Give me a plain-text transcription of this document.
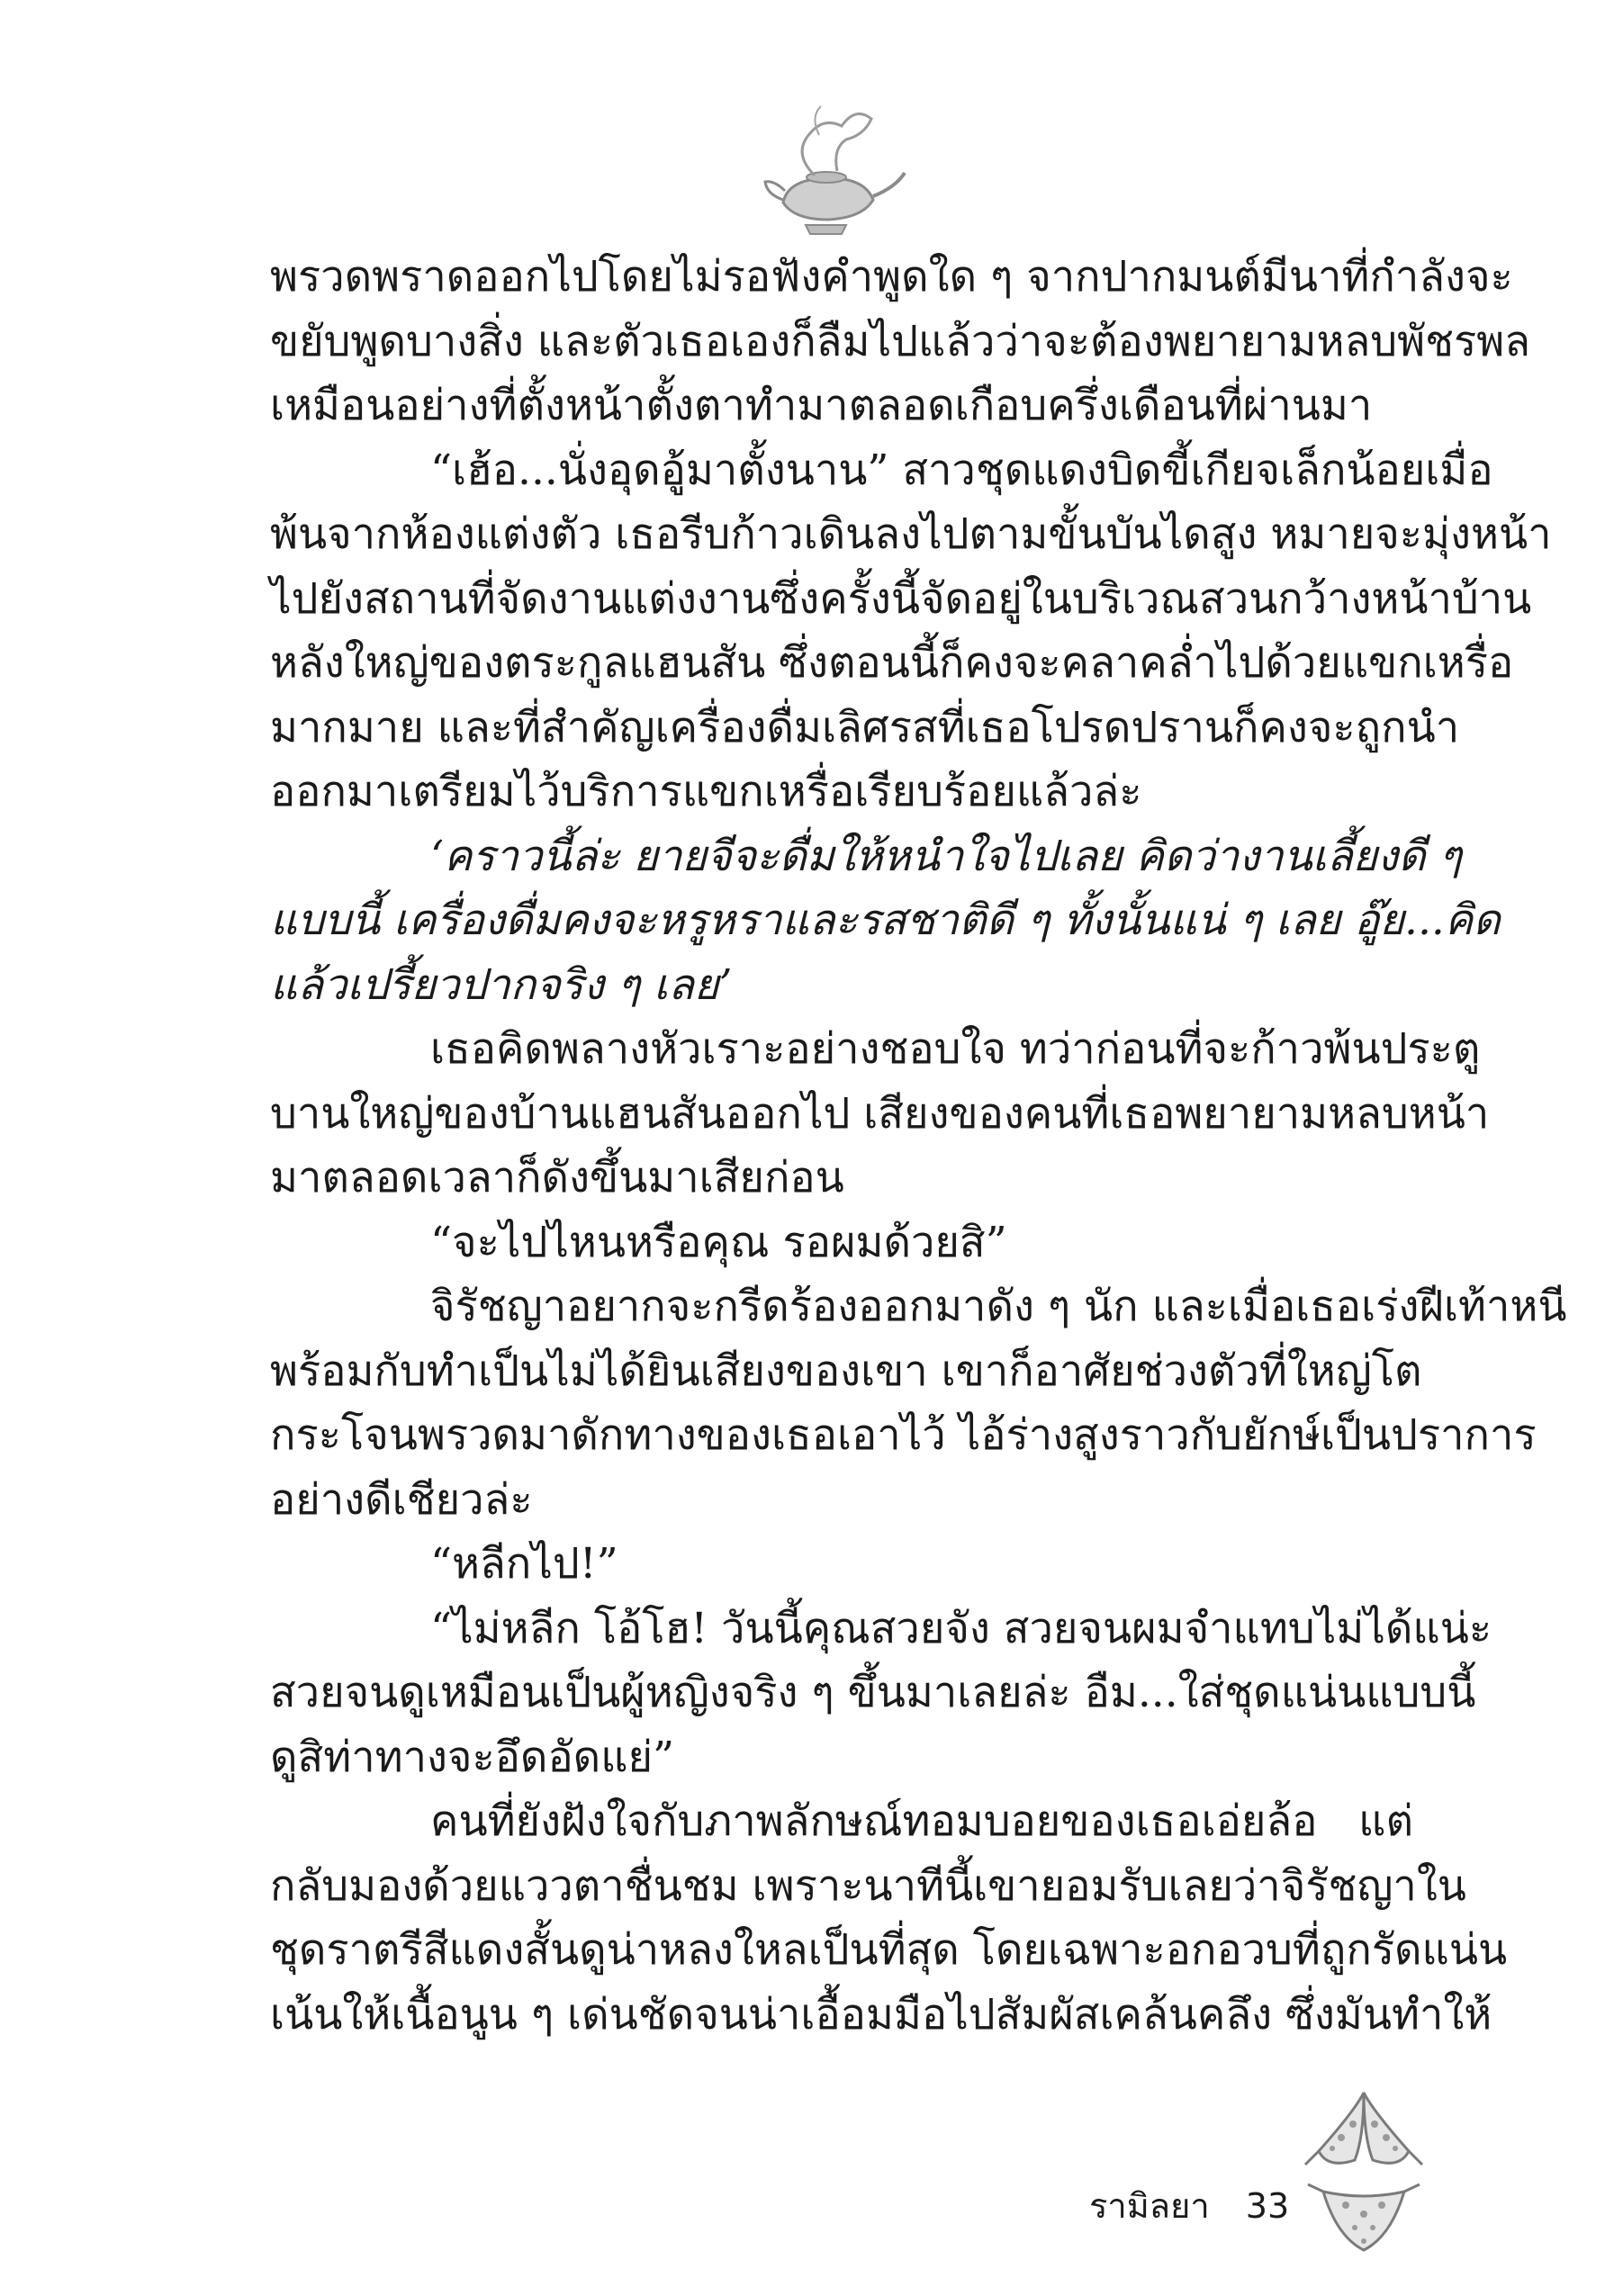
พรวดพราดออกไปโดยไม่รอฟังคำพูดใด ๆ จากปากมนต์มีนาที่กำลังจะ
ขยับพูดบางสิ่ง และตัวเธอเองก็ลืมไปแล้วว่าจะต้องพยายามหลบพัชรพล
เหมือนอย่างที่ตั้งหน้าตั้งตาทำมาตลอดเกือบครึ่งเดือนที่ผ่านมา
“เฮ้อ...นั่งอุดอู้มาตั้งนาน” สาวชุดแดงบิดขี้เกียจเล็กน้อยเมื่อ
พ้นจากห้องแต่งตัว เธอรีบก้าวเดินลงไปตามขั้นบันไดสูง หมายจะมุ่งหน้า
ไปยังสถานที่จัดงานแต่งงานซึ่งครั้งนี้จัดอยู่ในบริเวณสวนกว้างหน้าบ้าน
หลังใหญ่ของตระกูลแฮนสัน ซึ่งตอนนี้ก็คงจะคลาคล่ำไปด้วยแขกเหรื่อ
มากมาย และที่สำคัญเครื่องดื่มเลิศรสที่เธอโปรดปรานก็คงจะถูกนำ
ออกมาเตรียมไว้บริการแขกเหรื่อเรียบร้อยแล้วล่ะ
‘คราวนี้ล่ะ ยายจีจะดื่มให้หนำใจไปเลย คิดว่างานเลี้ยงดี ๆ
แบบนี้ เครื่องดื่มคงจะหรูหราและรสชาติดี ๆ ทั้งนั้นแน่ ๆ เลย อู๊ย...คิด
แล้วเปรี้ยวปากจริง ๆ เลย’
เธอคิดพลางหัวเราะอย่างชอบใจ ทว่าก่อนที่จะก้าวพ้นประตู
บานใหญ่ของบ้านแฮนสันออกไป เสียงของคนที่เธอพยายามหลบหน้า
มาตลอดเวลาก็ดังขึ้นมาเสียก่อน
“จะไปไหนหรือคุณ รอผมด้วยสิ”
จิรัชญาอยากจะกรีดร้องออกมาดัง ๆ นัก และเมื่อเธอเร่งฝีเท้าหนี
พร้อมกับทำเป็นไม่ได้ยินเสียงของเขา เขาก็อาศัยช่วงตัวที่ใหญ่โต
กระโจนพรวดมาดักทางของเธอเอาไว้ ไอ้ร่างสูงราวกับยักษ์เป็นปราการ
อย่างดีเชียวล่ะ
“หลีกไป!”
“ไม่หลีก โอ้โฮ! วันนี้คุณสวยจัง สวยจนผมจำแทบไม่ได้แน่ะ
สวยจนดูเหมือนเป็นผู้หญิงจริง ๆ ขึ้นมาเลยล่ะ อืม...ใส่ชุดแน่นแบบนี้
ดูสิท่าทางจะอึดอัดแย่”
คนที่ยังฝังใจกับภาพลักษณ์ทอมบอยของเธอเอ่ยล้อ แต่
กลับมองด้วยแววตาชื่นชม เพราะนาทีนี้เขายอมรับเลยว่าจิรัชญาใน
ชุดราตรีสีแดงสั้นดูน่าหลงใหลเป็นที่สุด โดยเฉพาะอกอวบที่ถูกรัดแน่น
เน้นให้เนื้อนูน ๆ เด่นชัดจนน่าเอื้อมมือไปสัมผัสเคล้นคลึง ซึ่งมันทำให้
รามิลยา 33
